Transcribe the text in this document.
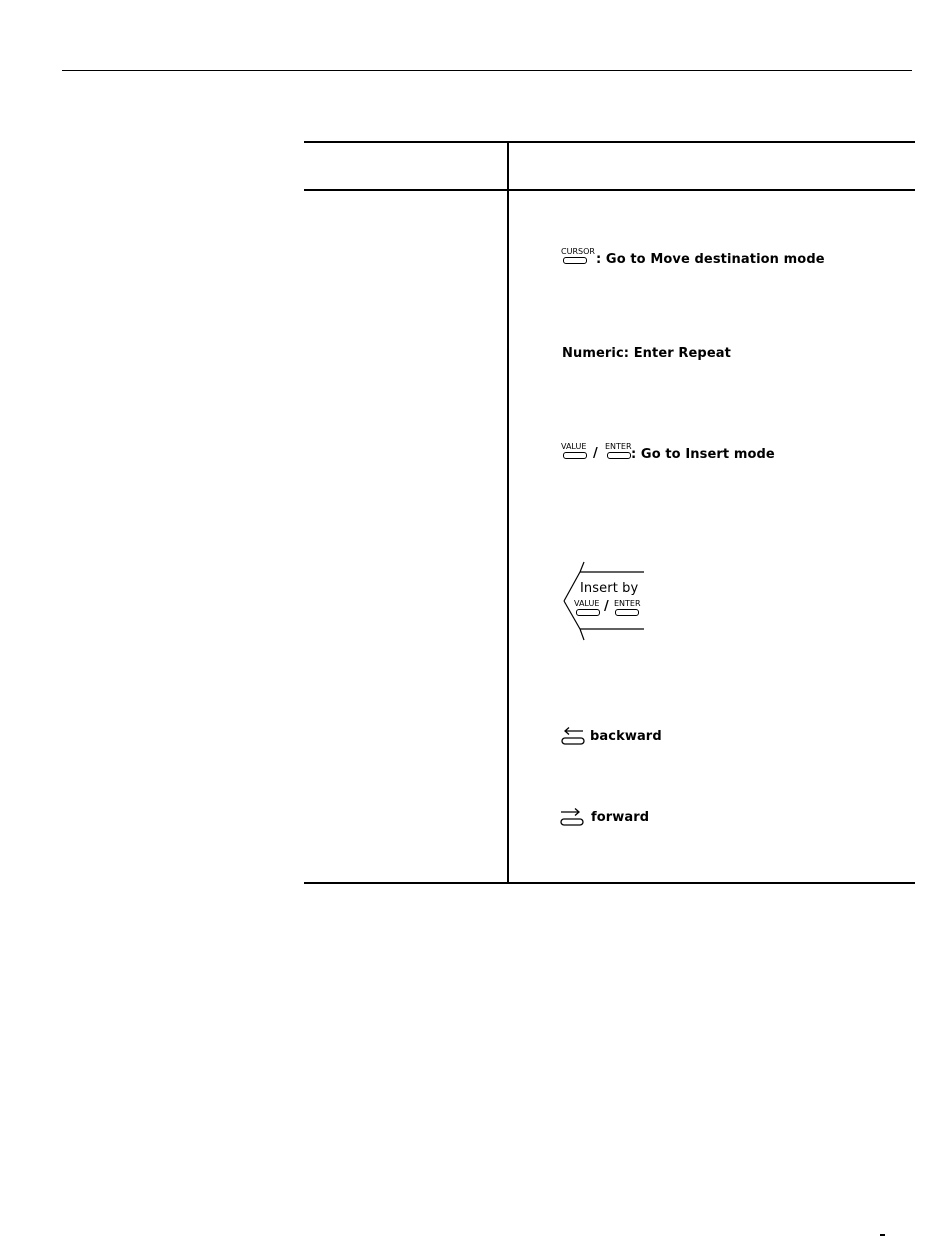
CURSOR
: Go to Move destination mode
Numeric: Enter Repeat
VALUE / ENTER
: Go to Insert mode
Insert by
VALUE / ENTER
backward
forward
